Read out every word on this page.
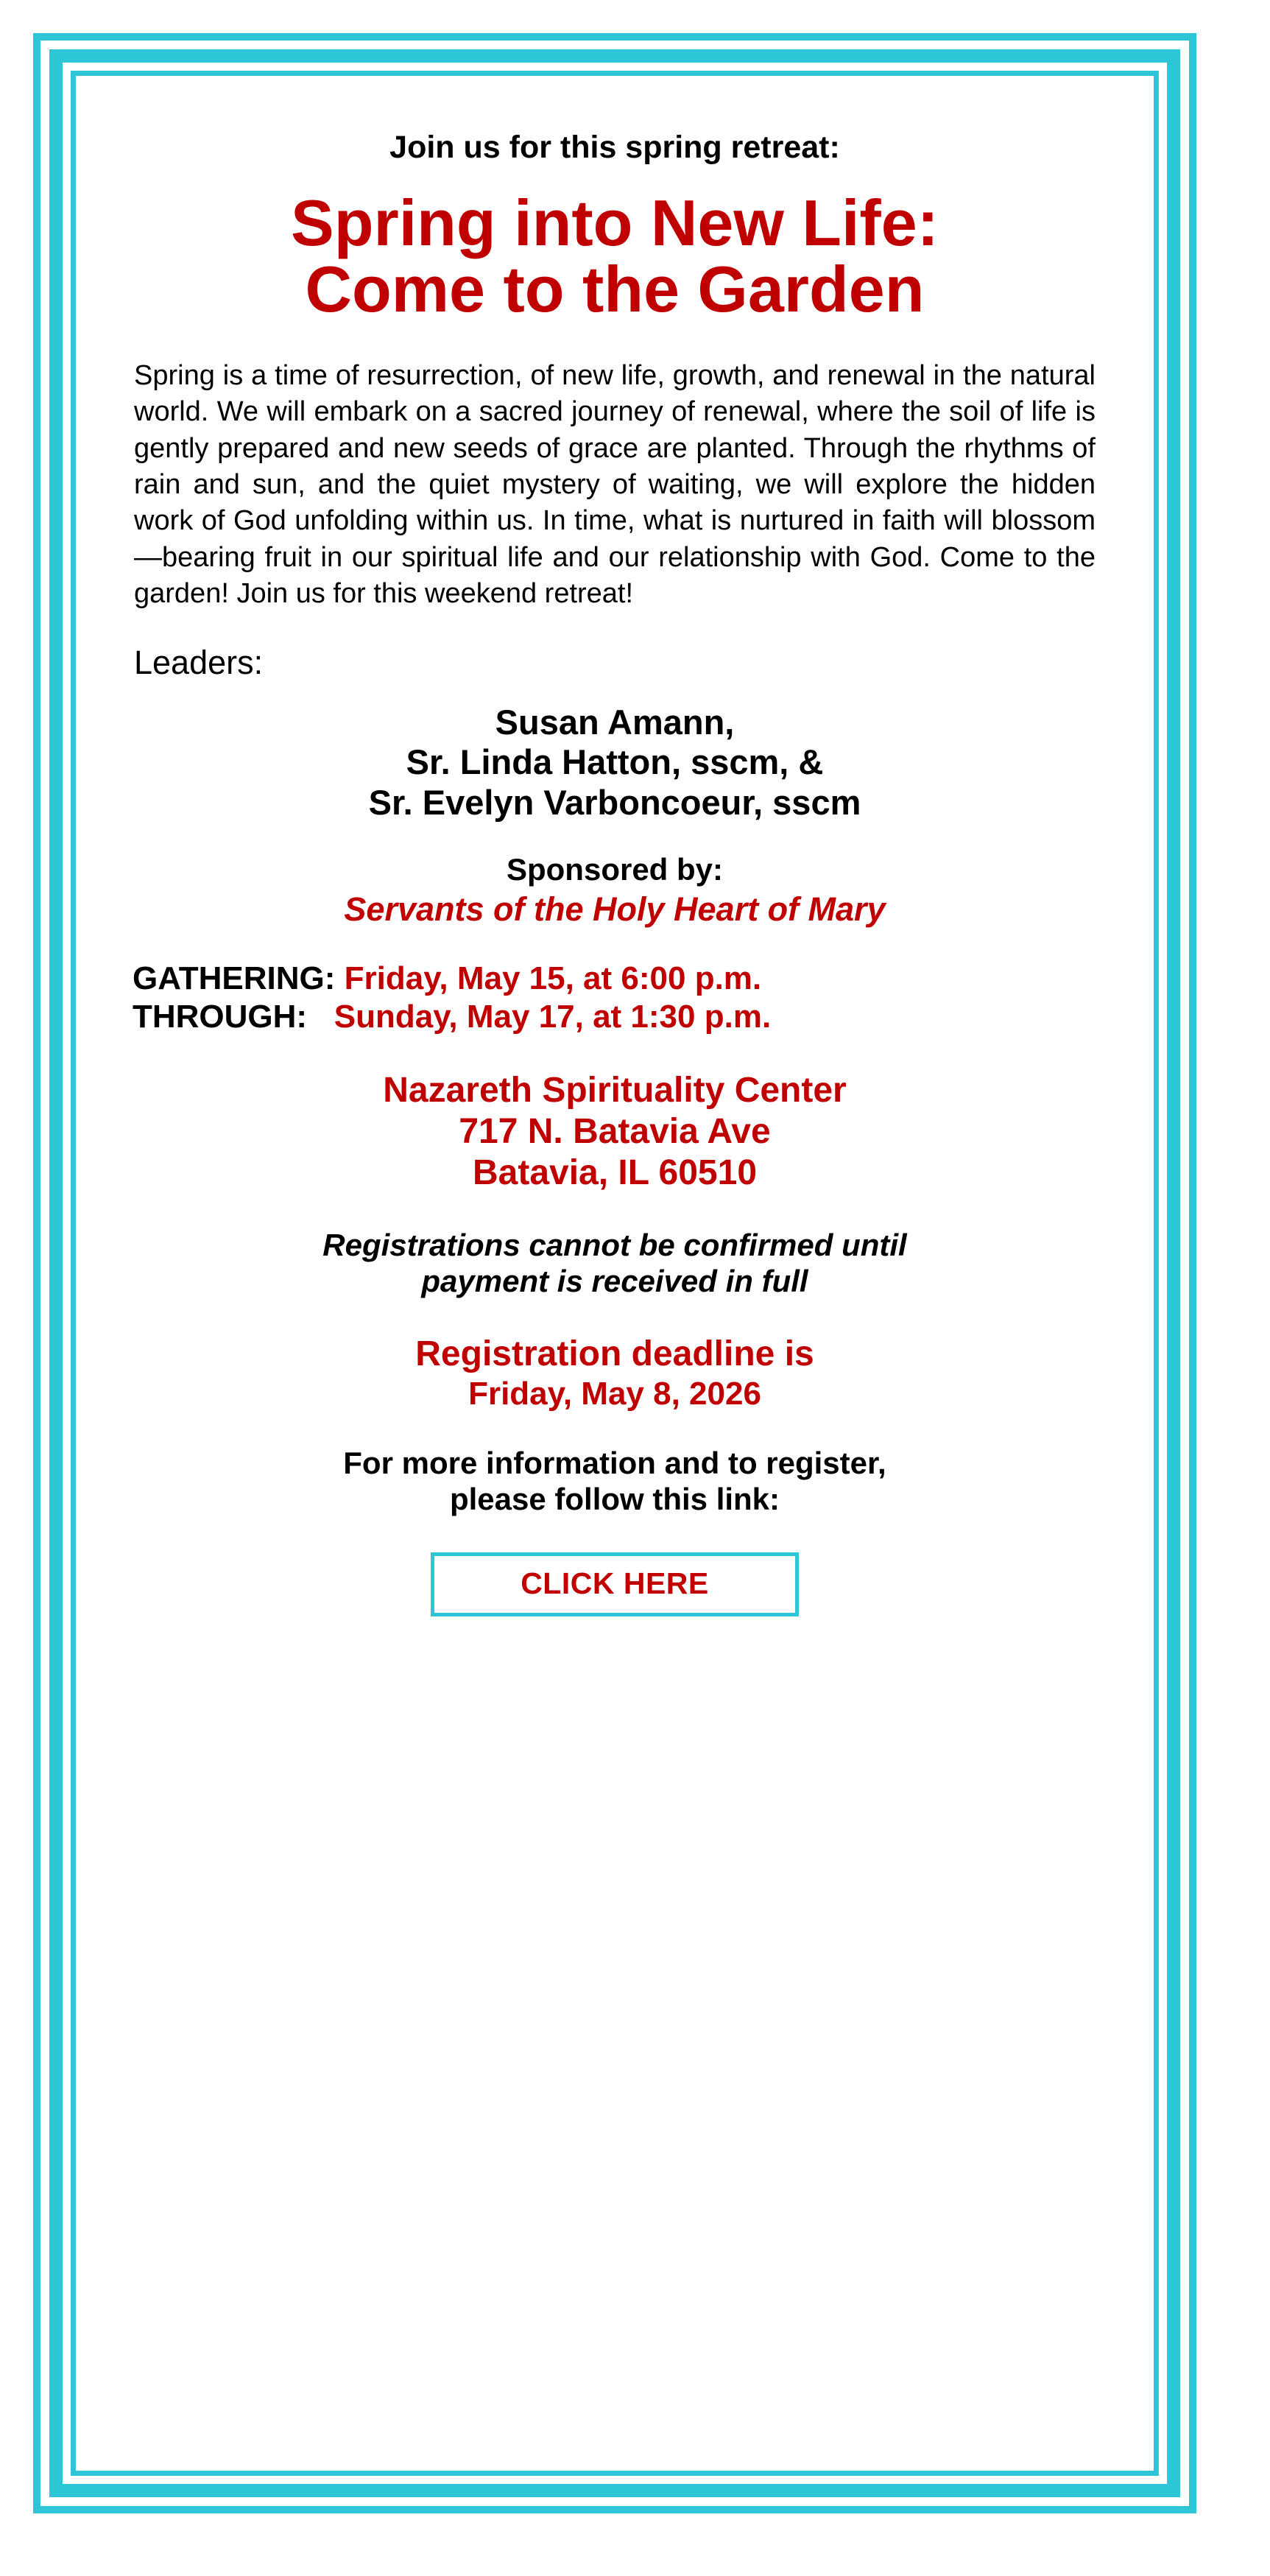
Join us for this spring retreat:

Spring into New Life:
Come to the Garden

Spring is a time of resurrection, of new life, growth, and renewal in the natural world. We will embark on a sacred journey of renewal, where the soil of life is gently prepared and new seeds of grace are planted. Through the rhythms of rain and sun, and the quiet mystery of waiting, we will explore the hidden work of God unfolding within us. In time, what is nurtured in faith will blossom—bearing fruit in our spiritual life and our relationship with God. Come to the garden! Join us for this weekend retreat!

Leaders:

Susan Amann,
Sr. Linda Hatton, sscm, &
Sr. Evelyn Varboncoeur, sscm
Sponsored by:
Servants of the Holy Heart of Mary
GATHERING: Friday, May 15, at 6:00 p.m.
THROUGH:   Sunday, May 17, at 1:30 p.m.
Nazareth Spirituality Center
717 N. Batavia Ave
Batavia, IL 60510
Registrations cannot be confirmed until
payment is received in full
Registration deadline is
Friday, May 8, 2026
For more information and to register,
please follow this link:
CLICK HERE
